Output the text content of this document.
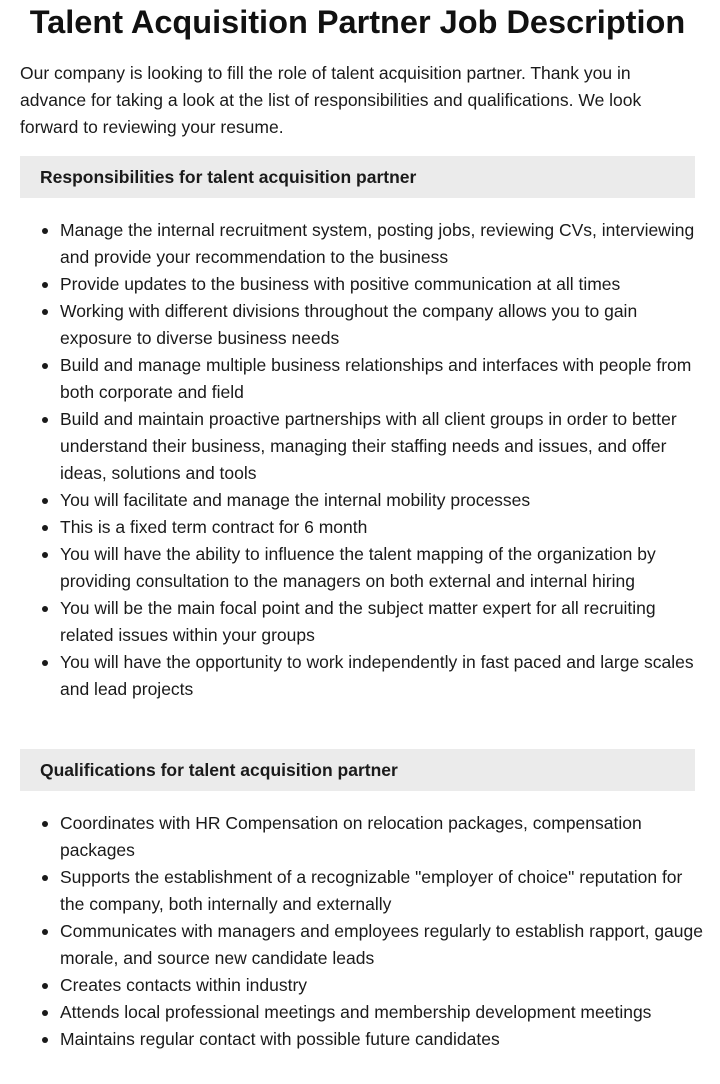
Talent Acquisition Partner Job Description

Our company is looking to fill the role of talent acquisition partner. Thank you in advance for taking a look at the list of responsibilities and qualifications. We look forward to reviewing your resume.

Responsibilities for talent acquisition partner
Manage the internal recruitment system, posting jobs, reviewing CVs, interviewing and provide your recommendation to the business
Provide updates to the business with positive communication at all times
Working with different divisions throughout the company allows you to gain exposure to diverse business needs
Build and manage multiple business relationships and interfaces with people from both corporate and field
Build and maintain proactive partnerships with all client groups in order to better understand their business, managing their staffing needs and issues, and offer ideas, solutions and tools
You will facilitate and manage the internal mobility processes
This is a fixed term contract for 6 month
You will have the ability to influence the talent mapping of the organization by providing consultation to the managers on both external and internal hiring
You will be the main focal point and the subject matter expert for all recruiting related issues within your groups
You will have the opportunity to work independently in fast paced and large scales and lead projects
Qualifications for talent acquisition partner
Coordinates with HR Compensation on relocation packages, compensation packages
Supports the establishment of a recognizable "employer of choice" reputation for the company, both internally and externally
Communicates with managers and employees regularly to establish rapport, gauge morale, and source new candidate leads
Creates contacts within industry
Attends local professional meetings and membership development meetings
Maintains regular contact with possible future candidates
